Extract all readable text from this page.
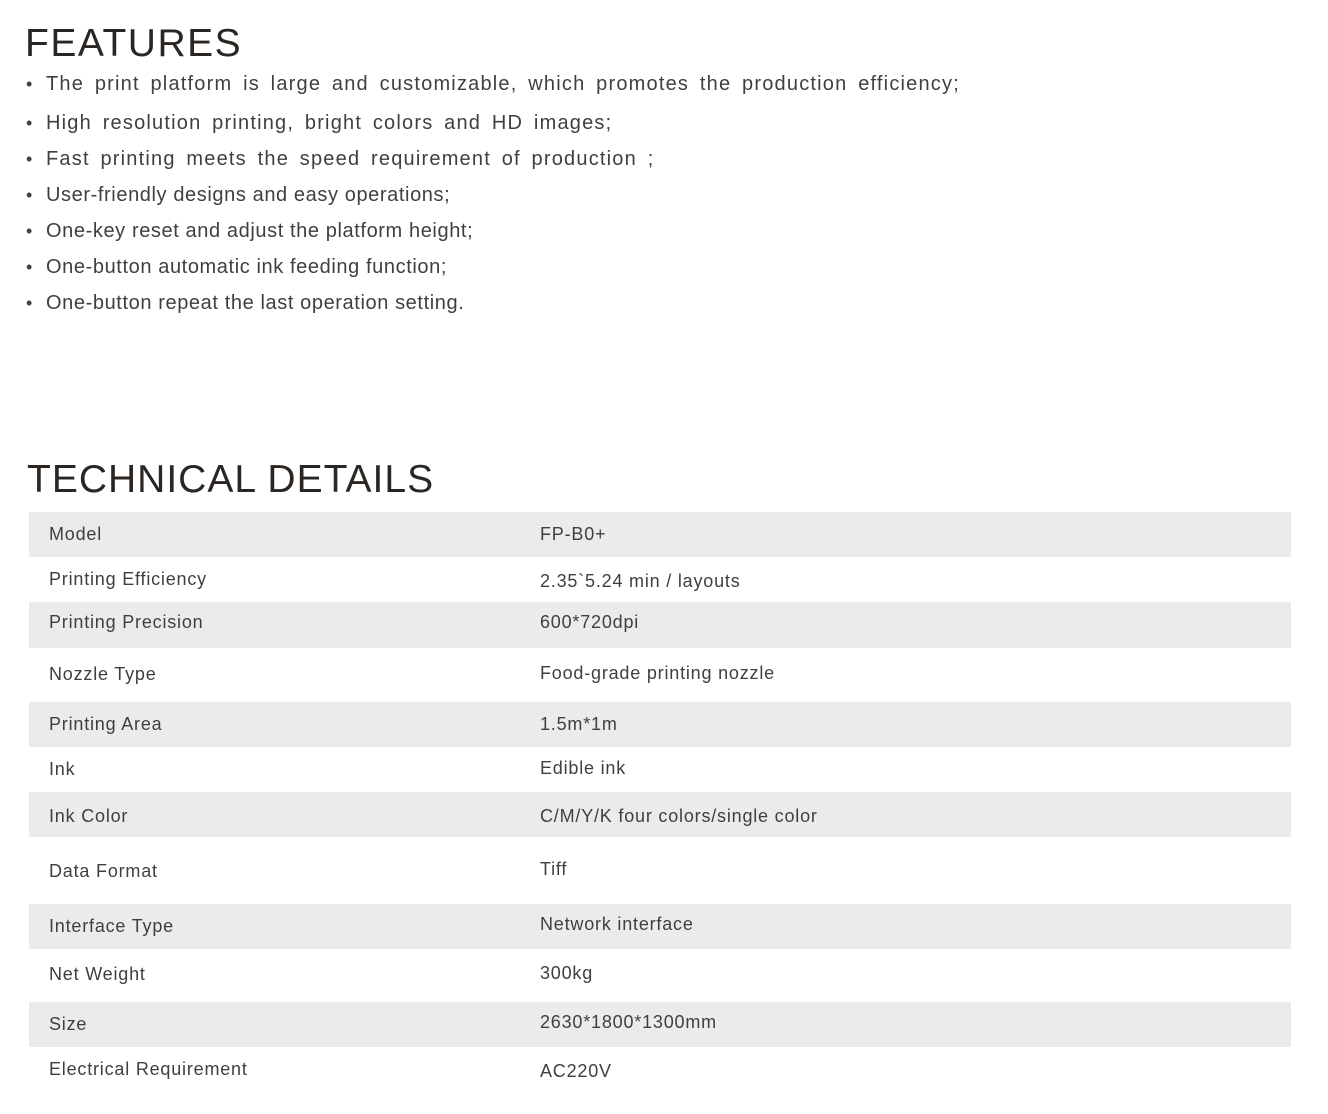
FEATURES
• The print platform is large and customizable, which promotes the production efficiency;
• High resolution printing, bright colors and HD images;
• Fast printing meets the speed requirement of production ;
• User-friendly designs and easy operations;
• One-key reset and adjust the platform height;
• One-button automatic ink feeding function;
• One-button repeat the last operation setting.
TECHNICAL DETAILS
Model	FP-B0+
Printing Efficiency	2.35`5.24 min / layouts
Printing Precision	600*720dpi
Nozzle Type	Food-grade printing nozzle
Printing Area	1.5m*1m
Ink	Edible ink
Ink Color	C/M/Y/K four colors/single color
Data Format	Tiff
Interface Type	Network interface
Net Weight	300kg
Size	2630*1800*1300mm
Electrical Requirement	AC220V
